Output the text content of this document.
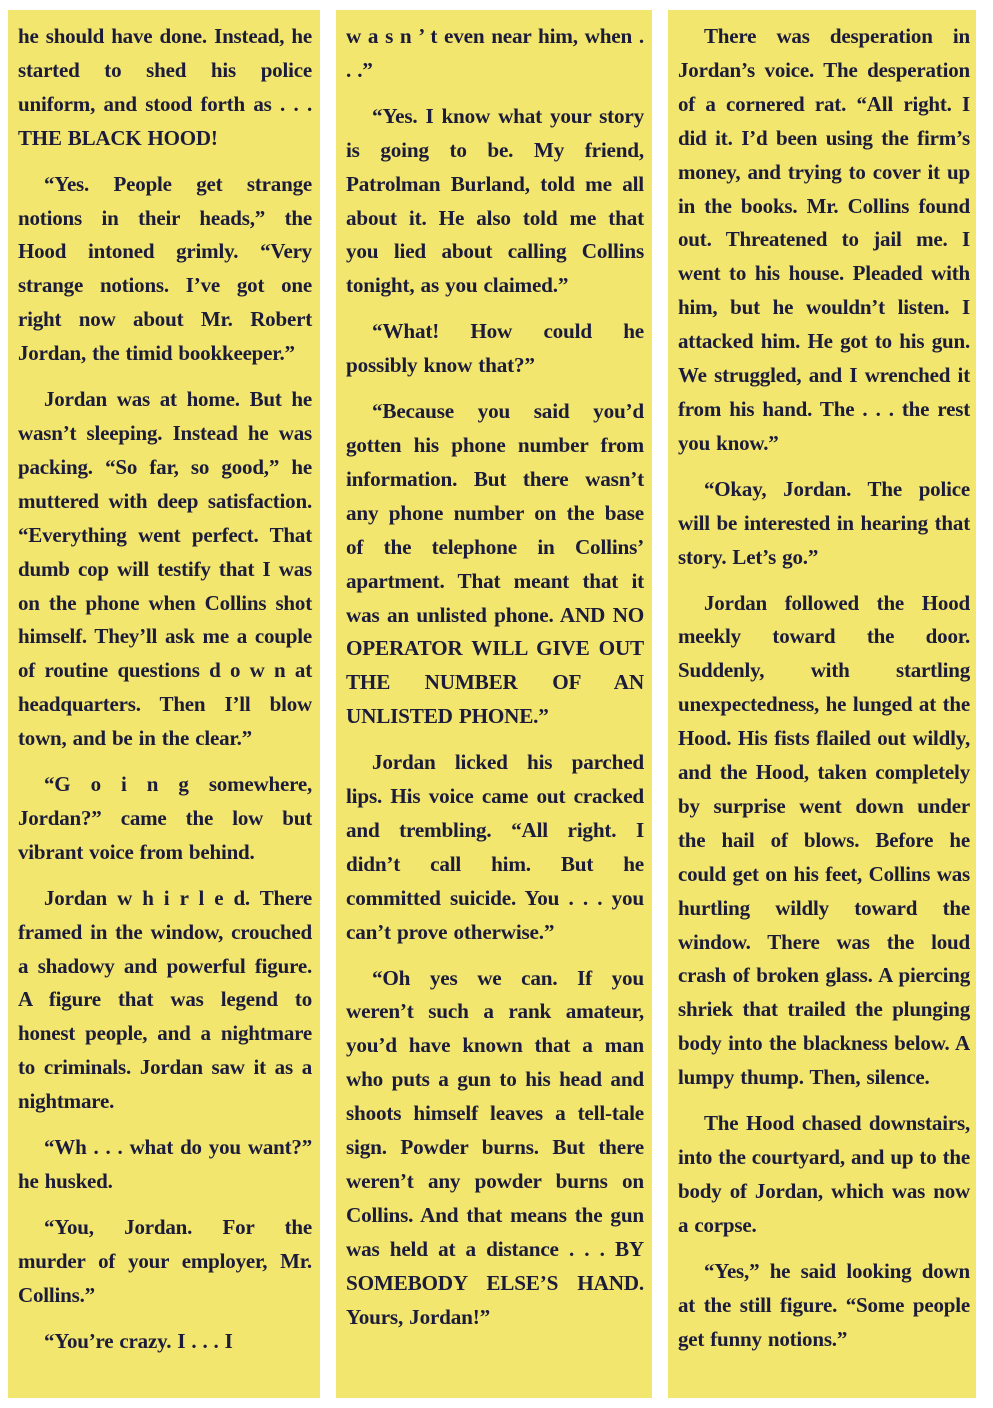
he should have done. Instead, he started to shed his police uniform, and stood forth as . . . THE BLACK HOOD!

“Yes. People get strange notions in their heads,” the Hood intoned grimly. “Very strange notions. I’ve got one right now about Mr. Robert Jordan, the timid bookkeeper.”

Jordan was at home. But he wasn’t sleeping. Instead he was packing. “So far, so good,” he muttered with deep satisfaction. “Everything went perfect. That dumb cop will testify that I was on the phone when Collins shot himself. They’ll ask me a couple of routine questions d o w n at headquarters. Then I’ll blow town, and be in the clear.”

“G o i n g somewhere, Jordan?” came the low but vibrant voice from behind.

Jordan w h i r l e d. There framed in the window, crouched a shadowy and powerful figure. A figure that was legend to honest people, and a nightmare to criminals. Jordan saw it as a nightmare.

“Wh . . . what do you want?” he husked.

“You, Jordan. For the murder of your employer, Mr. Collins.”

“You’re crazy. I . . . I

w a s n ’ t even near him, when . . .”

“Yes. I know what your story is going to be. My friend, Patrolman Burland, told me all about it. He also told me that you lied about calling Collins tonight, as you claimed.”

“What! How could he possibly know that?”

“Because you said you’d gotten his phone number from information. But there wasn’t any phone number on the base of the telephone in Collins’ apartment. That meant that it was an unlisted phone. AND NO OPERATOR WILL GIVE OUT THE NUMBER OF AN UNLISTED PHONE.”

Jordan licked his parched lips. His voice came out cracked and trembling. “All right. I didn’t call him. But he committed suicide. You . . . you can’t prove otherwise.”

“Oh yes we can. If you weren’t such a rank amateur, you’d have known that a man who puts a gun to his head and shoots himself leaves a tell-tale sign. Powder burns. But there weren’t any powder burns on Collins. And that means the gun was held at a distance . . . BY SOMEBODY ELSE’S HAND. Yours, Jordan!”

There was desperation in Jordan’s voice. The desperation of a cornered rat. “All right. I did it. I’d been using the firm’s money, and trying to cover it up in the books. Mr. Collins found out. Threatened to jail me. I went to his house. Pleaded with him, but he wouldn’t listen. I attacked him. He got to his gun. We struggled, and I wrenched it from his hand. The . . . the rest you know.”

“Okay, Jordan. The police will be interested in hearing that story. Let’s go.”

Jordan followed the Hood meekly toward the door. Suddenly, with startling unexpectedness, he lunged at the Hood. His fists flailed out wildly, and the Hood, taken completely by surprise went down under the hail of blows. Before he could get on his feet, Collins was hurtling wildly toward the window. There was the loud crash of broken glass. A piercing shriek that trailed the plunging body into the blackness below. A lumpy thump. Then, silence.

The Hood chased downstairs, into the courtyard, and up to the body of Jordan, which was now a corpse.

“Yes,” he said looking down at the still figure. “Some people get funny notions.”
